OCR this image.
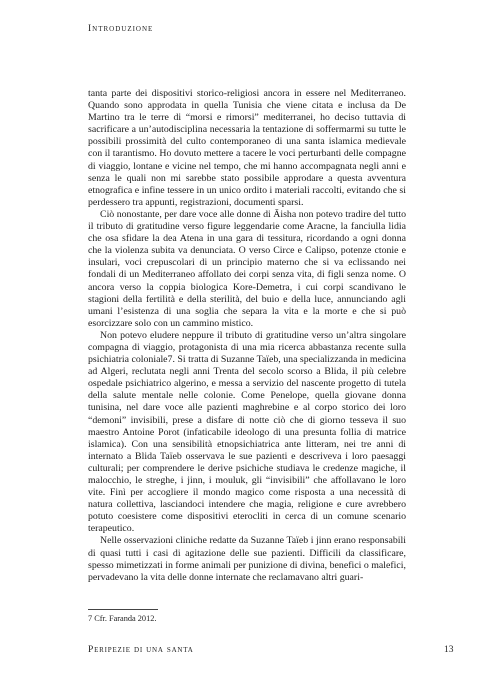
Introduzione

tanta parte dei dispositivi storico-religiosi ancora in essere nel Mediterraneo. Quando sono approdata in quella Tunisia che viene citata e inclusa da De Martino tra le terre di “morsi e rimorsi” mediterranei, ho deciso tuttavia di sacrificare a un’autodisciplina necessaria la tentazione di soffermarmi su tutte le possibili prossimità del culto contemporaneo di una santa islamica medievale con il tarantismo. Ho dovuto mettere a tacere le voci perturbanti delle compagne di viaggio, lontane e vicine nel tempo, che mi hanno accompagnata negli anni e senza le quali non mi sarebbe stato possibile approdare a questa avventura etnografica e infine tessere in un unico ordito i materiali raccolti, evitando che si perdessero tra appunti, registrazioni, documenti sparsi.

Ciò nonostante, per dare voce alle donne di Āisha non potevo tradire del tutto il tributo di gratitudine verso figure leggendarie come Aracne, la fanciulla lidia che osa sfidare la dea Atena in una gara di tessitura, ricordando a ogni donna che la violenza subita va denunciata. O verso Circe e Calipso, potenze ctonie e insulari, voci crepuscolari di un principio materno che si va eclissando nei fondali di un Mediterraneo affollato dei corpi senza vita, di figli senza nome. O ancora verso la coppia biologica Kore-Demetra, i cui corpi scandivano le stagioni della fertilità e della sterilità, del buio e della luce, annunciando agli umani l’esistenza di una soglia che separa la vita e la morte e che si può esorcizzare solo con un cammino mistico.

Non potevo eludere neppure il tributo di gratitudine verso un’altra singolare compagna di viaggio, protagonista di una mia ricerca abbastanza recente sulla psichiatria coloniale7. Si tratta di Suzanne Taïeb, una specializzanda in medicina ad Algeri, reclutata negli anni Trenta del secolo scorso a Blida, il più celebre ospedale psichiatrico algerino, e messa a servizio del nascente progetto di tutela della salute mentale nelle colonie. Come Penelope, quella giovane donna tunisina, nel dare voce alle pazienti maghrebine e al corpo storico dei loro “demoni” invisibili, prese a disfare di notte ciò che di giorno tesseva il suo maestro Antoine Porot (infaticabile ideologo di una presunta follia di matrice islamica). Con una sensibilità etnopsichiatrica ante litteram, nei tre anni di internato a Blida Taïeb osservava le sue pazienti e descriveva i loro paesaggi culturali; per comprendere le derive psichiche studiava le credenze magiche, il malocchio, le streghe, i jinn, i mouluk, gli “invisibili” che affollavano le loro vite. Finì per accogliere il mondo magico come risposta a una necessità di natura collettiva, lasciandoci intendere che magia, religione e cure avrebbero potuto coesistere come dispositivi eterocliti in cerca di un comune scenario terapeutico.

Nelle osservazioni cliniche redatte da Suzanne Taïeb i jinn erano responsabili di quasi tutti i casi di agitazione delle sue pazienti. Difficili da classificare, spesso mimetizzati in forme animali per punizione di divina, benefici o malefici, pervadevano la vita delle donne internate che reclamavano altri guari-

7 Cfr. Faranda 2012.
Peripezie di una santa	13
